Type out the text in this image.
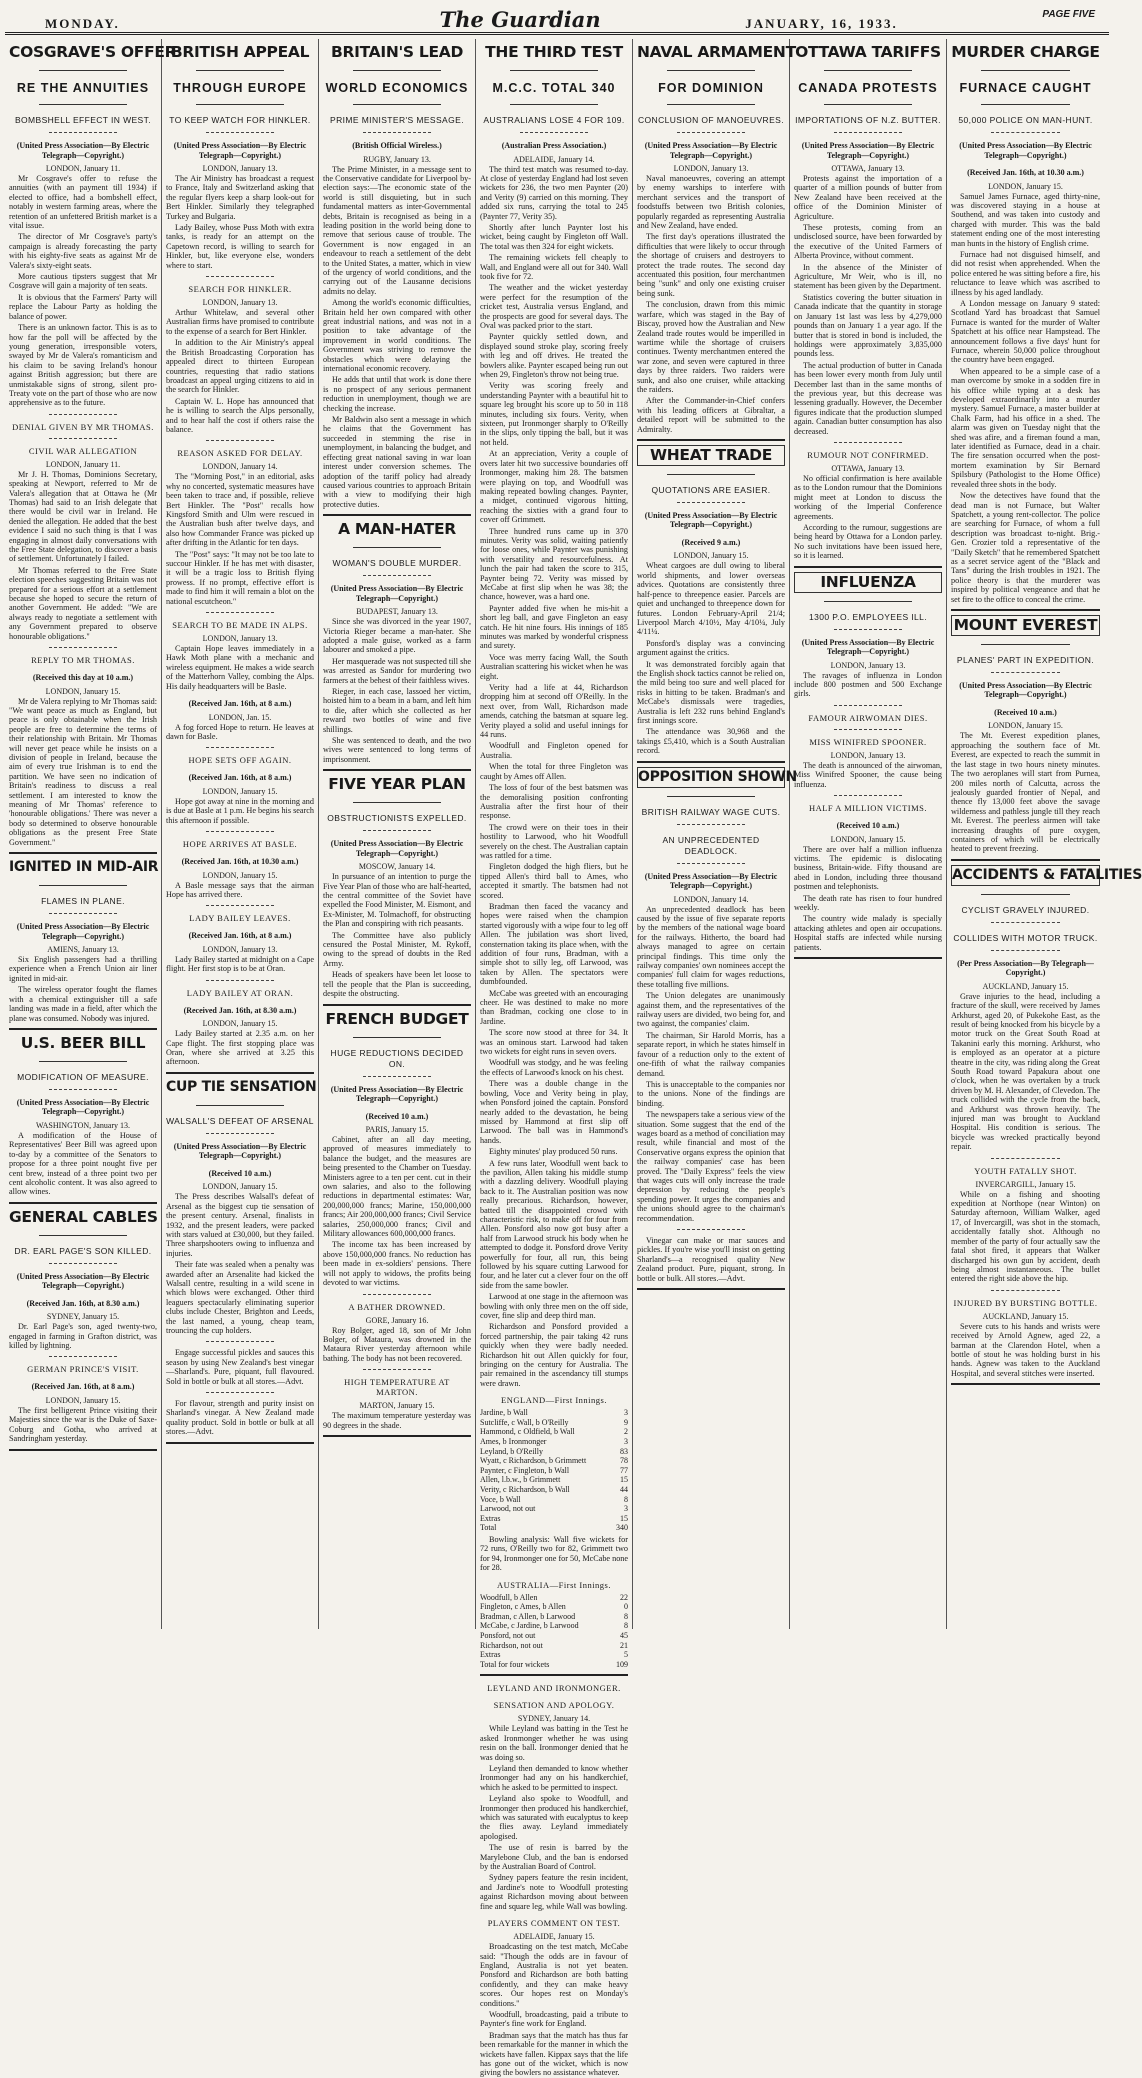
MONDAY.	The Guardian	JANUARY, 16, 1933.
PAGE FIVE
COSGRAVE'S OFFER
RE THE ANNUITIES
BOMBSHELL EFFECT IN WEST.
(United Press Association—By Electric Telegraph—Copyright.)
LONDON, January 11.

Mr Cosgrave's offer to refuse the annuities (with an payment till 1934) if elected to office, had a bombshell effect, notably in western farming areas, where the retention of an unfettered British market is a vital issue.

The director of Mr Cosgrave's party's campaign is already forecasting the party with his eighty-five seats as against Mr de Valera's sixty-eight seats.

More cautious tipsters suggest that Mr Cosgrave will gain a majority of ten seats.

It is obvious that the Farmers' Party will replace the Labour Party as holding the balance of power.

There is an unknown factor. This is as to how far the poll will be affected by the young generation, irresponsible voters, swayed by Mr de Valera's romanticism and his claim to be saving Ireland's honour against British aggression; but there are unmistakable signs of strong, silent pro-Treaty vote on the part of those who are now apprehensive as to the future.

DENIAL GIVEN BY MR THOMAS.
CIVIL WAR ALLEGATION
LONDON, January 11.

Mr J. H. Thomas, Dominions Secretary, speaking at Newport, referred to Mr de Valera's allegation that at Ottawa he (Mr Thomas) had said to an Irish delegate that there would be civil war in Ireland. He denied the allegation. He added that the best evidence I said no such thing is that I was engaging in almost daily conversations with the Free State delegation, to discover a basis of settlement. Unfortunately I failed.

Mr Thomas referred to the Free State election speeches suggesting Britain was not prepared for a serious effort at a settlement because she hoped to secure the return of another Government. He added: "We are always ready to negotiate a settlement with any Government prepared to observe honourable obligations."

REPLY TO MR THOMAS.
(Received this day at 10 a.m.)
LONDON, January 15.

Mr de Valera replying to Mr Thomas said: "We want peace as much as England, but peace is only obtainable when the Irish people are free to determine the terms of their relationship with Britain. Mr Thomas will never get peace while he insists on a division of people in Ireland, because the aim of every true Irishman is to end the partition. We have seen no indication of Britain's readiness to discuss a real settlement. I am interested to know the meaning of Mr Thomas' reference to 'honourable obligations.' There was never a body so determined to observe honourable obligations as the present Free State Government."

IGNITED IN MID-AIR
FLAMES IN PLANE.
(United Press Association—By Electric Telegraph—Copyright.)
AMIENS, January 13.

Six English passengers had a thrilling experience when a French Union air liner ignited in mid-air.

The wireless operator fought the flames with a chemical extinguisher till a safe landing was made in a field, after which the plane was consumed. Nobody was injured.

U.S. BEER BILL
MODIFICATION OF MEASURE.
(United Press Association—By Electric Telegraph—Copyright.)
WASHINGTON, January 13.

A modification of the House of Representatives' Beer Bill was agreed upon to-day by a committee of the Senators to propose for a three point nought five per cent brew, instead of a three point two per cent alcoholic content. It was also agreed to allow wines.

GENERAL CABLES
DR. EARL PAGE'S SON KILLED.
(United Press Association—By Electric Telegraph—Copyright.)
(Received Jan. 16th, at 8.30 a.m.)
SYDNEY, January 15.

Dr. Earl Page's son, aged twenty-two, engaged in farming in Grafton district, was killed by lightning.

GERMAN PRINCE'S VISIT.
(Received Jan. 16th, at 8 a.m.)
LONDON, January 15.

The first belligerent Prince visiting their Majesties since the war is the Duke of Saxe-Coburg and Gotha, who arrived at Sandringham yesterday.

BRITISH APPEAL
THROUGH EUROPE
TO KEEP WATCH FOR HINKLER.
(United Press Association—By Electric Telegraph—Copyright.)
LONDON, January 13.

The Air Ministry has broadcast a request to France, Italy and Switzerland asking that the regular flyers keep a sharp look-out for Bert Hinkler. Similarly they telegraphed Turkey and Bulgaria.

Lady Bailey, whose Puss Moth with extra tanks, is ready for an attempt on the Capetown record, is willing to search for Hinkler, but, like everyone else, wonders where to start.

SEARCH FOR HINKLER.
LONDON, January 13.

Arthur Whitelaw, and several other Australian firms have promised to contribute to the expense of a search for Bert Hinkler.

In addition to the Air Ministry's appeal the British Broadcasting Corporation has appealed direct to thirteen European countries, requesting that radio stations broadcast an appeal urging citizens to aid in the search for Hinkler.

Captain W. L. Hope has announced that he is willing to search the Alps personally, and to hear half the cost if others raise the balance.

REASON ASKED FOR DELAY.
LONDON, January 14.

The "Morning Post," in an editorial, asks why no concerted, systematic measures have been taken to trace and, if possible, relieve Bert Hinkler. The "Post" recalls how Kingsford Smith and Ulm were rescued in the Australian bush after twelve days, and also how Commander France was picked up after drifting in the Atlantic for ten days.

The "Post" says: "It may not be too late to succour Hinkler. If he has met with disaster, it will be a tragic loss to British flying prowess. If no prompt, effective effort is made to find him it will remain a blot on the national escutcheon."

SEARCH TO BE MADE IN ALPS.
LONDON, January 13.

Captain Hope leaves immediately in a Hawk Moth plane with a mechanic and wireless equipment. He makes a wide search of the Matterhorn Valley, combing the Alps. His daily headquarters will be Basle.

(Received Jan. 16th, at 8 a.m.)
LONDON, Jan. 15.

A fog forced Hope to return. He leaves at dawn for Basle.

HOPE SETS OFF AGAIN.
(Received Jan. 16th, at 8 a.m.)
LONDON, January 15.

Hope got away at nine in the morning and is due at Basle at 1 p.m. He begins his search this afternoon if possible.

HOPE ARRIVES AT BASLE.
(Received Jan. 16th, at 10.30 a.m.)
LONDON, January 15.

A Basle message says that the airman Hope has arrived there.

LADY BAILEY LEAVES.
(Received Jan. 16th, at 8 a.m.)
LONDON, January 13.

Lady Bailey started at midnight on a Cape flight. Her first stop is to be at Oran.

LADY BAILEY AT ORAN.
(Received Jan. 16th, at 8.30 a.m.)
LONDON, January 15.

Lady Bailey started at 2.35 a.m. on her Cape flight. The first stopping place was Oran, where she arrived at 3.25 this afternoon.

CUP TIE SENSATION
WALSALL'S DEFEAT OF ARSENAL
(United Press Association—By Electric Telegraph—Copyright.)
(Received 10 a.m.)
LONDON, January 15.

The Press describes Walsall's defeat of Arsenal as the biggest cup tie sensation of the present century. Arsenal, finalists in 1932, and the present leaders, were packed with stars valued at £30,000, but they failed. Three sharpshooters owing to influenza and injuries.

Their fate was sealed when a penalty was awarded after an Arsenalite had kicked the Walsall centre, resulting in a wild scene in which blows were exchanged. Other third leaguers spectacularly eliminating superior clubs include Chester, Brighton and Leeds, the last named, a young, cheap team, trouncing the cup holders.

Engage successful pickles and sauces this season by using New Zealand's best vinegar—Sharland's. Pure, piquant, full flavoured. Sold in bottle or bulk at all stores.—Advt.

For flavour, strength and purity insist on Sharland's vinegar. A New Zealand made quality product. Sold in bottle or bulk at all stores.—Advt.

BRITAIN'S LEAD
WORLD ECONOMICS
PRIME MINISTER'S MESSAGE.
(British Official Wireless.)
RUGBY, January 13.

The Prime Minister, in a message sent to the Conservative candidate for Liverpool by-election says:—The economic state of the world is still disquieting, but in such fundamental matters as inter-Governmental debts, Britain is recognised as being in a leading position in the world being done to remove that serious cause of trouble. The Government is now engaged in an endeavour to reach a settlement of the debt to the United States, a matter, which in view of the urgency of world conditions, and the carrying out of the Lausanne decisions admits no delay.

Among the world's economic difficulties, Britain held her own compared with other great industrial nations, and was not in a position to take advantage of the improvement in world conditions. The Government was striving to remove the obstacles which were delaying the international economic recovery.

He adds that until that work is done there is no prospect of any serious permanent reduction in unemployment, though we are checking the increase.

Mr Baldwin also sent a message in which he claims that the Government has succeeded in stemming the rise in unemployment, in balancing the budget, and effecting great national saving in war loan interest under conversion schemes. The adoption of the tariff policy had already caused various countries to approach Britain with a view to modifying their high protective duties.

A MAN-HATER
WOMAN'S DOUBLE MURDER.
(United Press Association—By Electric Telegraph—Copyright.)
BUDAPEST, January 13.

Since she was divorced in the year 1907, Victoria Rieger became a man-hater. She adopted a male guise, worked as a farm labourer and smoked a pipe.

Her masquerade was not suspected till she was arrested as Sandor for murdering two farmers at the behest of their faithless wives.

Rieger, in each case, lassoed her victim, hoisted him to a beam in a barn, and left him to die, after which she collected as her reward two bottles of wine and five shillings.

She was sentenced to death, and the two wives were sentenced to long terms of imprisonment.

FIVE YEAR PLAN
OBSTRUCTIONISTS EXPELLED.
(United Press Association—By Electric Telegraph—Copyright.)
MOSCOW, January 14.

In pursuance of an intention to purge the Five Year Plan of those who are half-hearted, the central committee of the Soviet have expelled the Food Minister, M. Eismont, and Ex-Minister, M. Tolmachoff, for obstructing the Plan and conspiring with rich peasants.

The Committee have also publicly censured the Postal Minister, M. Rykoff, owing to the spread of doubts in the Red Army.

Heads of speakers have been let loose to tell the people that the Plan is succeeding, despite the obstructing.

FRENCH BUDGET
HUGE REDUCTIONS DECIDED ON.
(United Press Association—By Electric Telegraph—Copyright.)
(Received 10 a.m.)
PARIS, January 15.

Cabinet, after an all day meeting, approved of measures immediately to balance the budget, and the measures are being presented to the Chamber on Tuesday. Ministers agree to a ten per cent. cut in their own salaries, and also to the following reductions in departmental estimates: War, 200,000,000 francs; Marine, 150,000,000 francs; Air 200,000,000 francs; Civil Service salaries, 250,000,000 francs; Civil and Military allowances 600,000,000 francs.

The income tax has been increased by above 150,000,000 francs. No reduction has been made in ex-soldiers' pensions. There will not apply to widows, the profits being devoted to war victims.

A BATHER DROWNED.
GORE, January 16.

Roy Bolger, aged 18, son of Mr John Bolger, of Mataura, was drowned in the Mataura River yesterday afternoon while bathing. The body has not been recovered.

HIGH TEMPERATURE AT MARTON.
MARTON, January 15.

The maximum temperature yesterday was 90 degrees in the shade.

THE THIRD TEST
M.C.C. TOTAL 340
AUSTRALIANS LOSE 4 FOR 109.
(Australian Press Association.)
ADELAIDE, January 14.

The third test match was resumed to-day. At close of yesterday England had lost seven wickets for 236, the two men Paynter (20) and Verity (9) carried on this morning. They added six runs, carrying the total to 245 (Paynter 77, Verity 35).

Shortly after lunch Paynter lost his wicket, being caught by Fingleton off Wall. The total was then 324 for eight wickets.

The remaining wickets fell cheaply to Wall, and England were all out for 340. Wall took five for 72.

The weather and the wicket yesterday were perfect for the resumption of the cricket test, Australia versus England, and the prospects are good for several days. The Oval was packed prior to the start.

Paynter quickly settled down, and displayed sound stroke play, scoring freely with leg and off drives. He treated the bowlers alike. Paynter escaped being run out when 29, Fingleton's throw not being true.

Verity was scoring freely and understanding Paynter with a beautiful hit to square leg brought his score up to 50 in 118 minutes, including six fours. Verity, when sixteen, put Ironmonger sharply to O'Reilly in the slips, only tipping the ball, but it was not held.

At an appreciation, Verity a couple of overs later hit two successive boundaries off Ironmonger, making him 28. The batsmen were playing on top, and Woodfull was making repeated bowling changes. Paynter, a midget, continued vigorous hitting, reaching the sixties with a grand four to cover off Grimmett.

Three hundred runs came up in 370 minutes. Verity was solid, waiting patiently for loose ones, while Paynter was punishing with versatility and resourcefulness. At lunch the pair had taken the score to 315, Paynter being 72. Verity was missed by McCabe at first slip when he was 38; the chance, however, was a hard one.

Paynter added five when he mis-hit a short leg ball, and gave Fingleton an easy catch. He hit nine fours. His innings of 185 minutes was marked by wonderful crispness and surety.

Voce was merry facing Wall, the South Australian scattering his wicket when he was eight.

Verity had a life at 44, Richardson dropping him at second off O'Reilly. In the next over, from Wall, Richardson made amends, catching the batsman at square leg. Verity played a solid and useful innings for 44 runs.

Woodfull and Fingleton opened for Australia.

When the total for three Fingleton was caught by Ames off Allen.

The loss of four of the best batsmen was the demoralising position confronting Australia after the first hour of their response.

The crowd were on their toes in their hostility to Larwood, who hit Woodfull severely on the chest. The Australian captain was rattled for a time.

Fingleton dodged the high fliers, but he tipped Allen's third ball to Ames, who accepted it smartly. The batsmen had not scored.

Bradman then faced the vacancy and hopes were raised when the champion started vigorously with a wipe four to leg off Allen. The jubilation was short lived, consternation taking its place when, with the addition of four runs, Bradman, with a simple shot to silly leg, off Larwood, was taken by Allen. The spectators were dumbfounded.

McCabe was greeted with an encouraging cheer. He was destined to make no more than Bradman, cocking one close to in Jardine.

The score now stood at three for 34. It was an ominous start. Larwood had taken two wickets for eight runs in seven overs.

Woodfull was stodgy, and he was feeling the effects of Larwood's knock on his chest.

There was a double change in the bowling, Voce and Verity being in play, when Ponsford joined the captain. Ponsford nearly added to the devastation, he being missed by Hammond at first slip off Larwood. The ball was in Hammond's hands.

Eighty minutes' play produced 50 runs.

A few runs later, Woodfull went back to the pavilion, Allen taking his middle stump with a dazzling delivery. Woodfull playing back to it. The Australian position was now really precarious. Richardson, however, batted till the disappointed crowd with characteristic risk, to make off for four from Allen. Ponsford also now got busy after a half from Larwood struck his body when he attempted to dodge it. Ponsford drove Verity powerfully for four, all run, this being followed by his square cutting Larwood for four, and he later cut a clever four on the off side from the same bowler.

Larwood at one stage in the afternoon was bowling with only three men on the off side, cover, fine slip and deep third man.

Richardson and Ponsford provided a forced partnership, the pair taking 42 runs quickly when they were badly needed. Richardson hit out Allen quickly for four, bringing on the century for Australia. The pair remained in the ascendancy till stumps were drawn.

ENGLAND—First Innings.
Jardine, b Wall	3
Sutcliffe, c Wall, b O'Reilly	9
Hammond, c Oldfield, b Wall	2
Ames, b Ironmonger	3
Leyland, b O'Reilly	83
Wyatt, c Richardson, b Grimmett	78
Paynter, c Fingleton, b Wall	77
Allen, l.b.w., b Grimmett	15
Verity, c Richardson, b Wall	44
Voce, b Wall	8
Larwood, not out	3
Extras	15
Total	340

Bowling analysis: Wall five wickets for 72 runs, O'Reilly two for 82, Grimmett two for 94, Ironmonger one for 50, McCabe none for 28.

AUSTRALIA—First Innings.
Woodfull, b Allen	22
Fingleton, c Ames, b Allen	0
Bradman, c Allen, b Larwood	8
McCabe, c Jardine, b Larwood	8
Ponsford, not out	45
Richardson, not out	21
Extras	5
Total for four wickets	109
LEYLAND AND IRONMONGER.
SENSATION AND APOLOGY.
SYDNEY, January 14.

While Leyland was batting in the Test he asked Ironmonger whether he was using resin on the ball. Ironmonger denied that he was doing so.

Leyland then demanded to know whether Ironmonger had any on his handkerchief, which he asked to be permitted to inspect.

Leyland also spoke to Woodfull, and Ironmonger then produced his handkerchief, which was saturated with eucalyptus to keep the flies away. Leyland immediately apologised.

The use of resin is barred by the Marylebone Club, and the ban is endorsed by the Australian Board of Control.

Sydney papers feature the resin incident, and Jardine's note to Woodfull protesting against Richardson moving about between fine and square leg, while Wall was bowling.

PLAYERS COMMENT ON TEST.
ADELAIDE, January 15.

Broadcasting on the test match, McCabe said: "Though the odds are in favour of England, Australia is not yet beaten. Ponsford and Richardson are both batting confidently, and they can make heavy scores. Our hopes rest on Monday's conditions."

Woodfull, broadcasting, paid a tribute to Paynter's fine work for England.

Bradman says that the match has thus far been remarkable for the manner in which the wickets have fallen. Kippax says that the life has gone out of the wicket, which is now giving the bowlers no assistance whatever.

NAVAL ARMAMENT
FOR DOMINION
CONCLUSION OF MANOEUVRES.
(United Press Association—By Electric Telegraph—Copyright.)
LONDON, January 13.

Naval manoeuvres, covering an attempt by enemy warships to interfere with merchant services and the transport of foodstuffs between two British colonies, popularly regarded as representing Australia and New Zealand, have ended.

The first day's operations illustrated the difficulties that were likely to occur through the shortage of cruisers and destroyers to protect the trade routes. The second day accentuated this position, four merchantmen being "sunk" and only one existing cruiser being sunk.

The conclusion, drawn from this mimic warfare, which was staged in the Bay of Biscay, proved how the Australian and New Zealand trade routes would be imperilled in wartime while the shortage of cruisers continues. Twenty merchantmen entered the war zone, and seven were captured in three days by three raiders. Two raiders were sunk, and also one cruiser, while attacking the raiders.

After the Commander-in-Chief confers with his leading officers at Gibraltar, a detailed report will be submitted to the Admiralty.

WHEAT TRADE
QUOTATIONS ARE EASIER.
(United Press Association—By Electric Telegraph—Copyright.)
(Received 9 a.m.)
LONDON, January 15.

Wheat cargoes are dull owing to liberal world shipments, and lower overseas advices. Quotations are consistently three half-pence to threepence easier. Parcels are quiet and unchanged to threepence down for futures. London February-April 21/4; Liverpool March 4/10½, May 4/10¼, July 4/11¼.

Ponsford's display was a convincing argument against the critics.

It was demonstrated forcibly again that the English shock tactics cannot be relied on, the mild being too sure and well placed for risks in hitting to be taken. Bradman's and McCabe's dismissals were tragedies, Australia is left 232 runs behind England's first innings score.

The attendance was 30,968 and the takings £5,410, which is a South Australian record.

OPPOSITION SHOWN
BRITISH RAILWAY WAGE CUTS.
AN UNPRECEDENTED DEADLOCK.
(United Press Association—By Electric Telegraph—Copyright.)
LONDON, January 14.

An unprecedented deadlock has been caused by the issue of five separate reports by the members of the national wage board for the railways. Hitherto, the board had always managed to agree on certain principal findings. This time only the railway companies' own nominees accept the companies' full claim for wages reductions, these totalling five millions.

The Union delegates are unanimously against them, and the representatives of the railway users are divided, two being for, and two against, the companies' claim.

The chairman, Sir Harold Morris, has a separate report, in which he states himself in favour of a reduction only to the extent of one-fifth of what the railway companies demand.

This is unacceptable to the companies nor to the unions. None of the findings are binding.

The newspapers take a serious view of the situation. Some suggest that the end of the wages board as a method of conciliation may result, while financial and most of the Conservative organs express the opinion that the railway companies' case has been proved. The "Daily Express" feels the view that wages cuts will only increase the trade depression by reducing the people's spending power. It urges the companies and the unions should agree to the chairman's recommendation.

Vinegar can make or mar sauces and pickles. If you're wise you'll insist on getting Sharland's—a recognised quality New Zealand product. Pure, piquant, strong. In bottle or bulk. All stores.—Advt.

OTTAWA TARIFFS
CANADA PROTESTS
IMPORTATIONS OF N.Z. BUTTER.
(United Press Association—By Electric Telegraph—Copyright.)
OTTAWA, January 13.

Protests against the importation of a quarter of a million pounds of butter from New Zealand have been received at the office of the Dominion Minister of Agriculture.

These protests, coming from an undisclosed source, have been forwarded by the executive of the United Farmers of Alberta Province, without comment.

In the absence of the Minister of Agriculture, Mr Weir, who is ill, no statement has been given by the Department.

Statistics covering the butter situation in Canada indicate that the quantity in storage on January 1st last was less by 4,279,000 pounds than on January 1 a year ago. If the butter that is stored in bond is included, the holdings were approximately 3,835,000 pounds less.

The actual production of butter in Canada has been lower every month from July until December last than in the same months of the previous year, but this decrease was lessening gradually. However, the December figures indicate that the production slumped again. Canadian butter consumption has also decreased.

RUMOUR NOT CONFIRMED.
OTTAWA, January 13.

No official confirmation is here available as to the London rumour that the Dominions might meet at London to discuss the working of the Imperial Conference agreements.

According to the rumour, suggestions are being heard by Ottawa for a London parley. No such invitations have been issued here, so it is learned.

INFLUENZA
1300 P.O. EMPLOYEES ILL.
(United Press Association—By Electric Telegraph—Copyright.)
LONDON, January 13.

The ravages of influenza in London include 800 postmen and 500 Exchange girls.

FAMOUR AIRWOMAN DIES.
MISS WINIFRED SPOONER.
LONDON, January 13.

The death is announced of the airwoman, Miss Winifred Spooner, the cause being influenza.

HALF A MILLION VICTIMS.
(Received 10 a.m.)
LONDON, January 15.

There are over half a million influenza victims. The epidemic is dislocating business, Britain-wide. Fifty thousand are abed in London, including three thousand postmen and telephonists.

The death rate has risen to four hundred weekly.

The country wide malady is specially attacking athletes and open air occupations. Hospital staffs are infected while nursing patients.

MURDER CHARGE
FURNACE CAUGHT
50,000 POLICE ON MAN-HUNT.
(United Press Association—By Electric Telegraph—Copyright.)
(Received Jan. 16th, at 10.30 a.m.)
LONDON, January 15.

Samuel James Furnace, aged thirty-nine, was discovered staying in a house at Southend, and was taken into custody and charged with murder. This was the bald statement ending one of the most interesting man hunts in the history of English crime.

Furnace had not disguised himself, and did not resist when apprehended. When the police entered he was sitting before a fire, his reluctance to leave which was ascribed to illness by his aged landlady.

A London message on January 9 stated: Scotland Yard has broadcast that Samuel Furnace is wanted for the murder of Walter Spatchett at his office near Hampstead. The announcement follows a five days' hunt for Furnace, wherein 50,000 police throughout the country have been engaged.

When appeared to be a simple case of a man overcome by smoke in a sodden fire in his office while typing at a desk has developed extraordinarily into a murder mystery. Samuel Furnace, a master builder at Chalk Farm, had his office in a shed. The alarm was given on Tuesday night that the shed was afire, and a fireman found a man, later identified as Furnace, dead in a chair. The fire sensation occurred when the post-mortem examination by Sir Bernard Spilsbury (Pathologist to the Home Office) revealed three shots in the body.

Now the detectives have found that the dead man is not Furnace, but Walter Spatchett, a young rent-collector. The police are searching for Furnace, of whom a full description was broadcast to-night. Brig.-Gen. Crozier told a representative of the "Daily Sketch" that he remembered Spatchett as a secret service agent of the "Black and Tans" during the Irish troubles in 1921. The police theory is that the murderer was inspired by political vengeance and that he set fire to the office to conceal the crime.

MOUNT EVEREST
PLANES' PART IN EXPEDITION.
(United Press Association—By Electric Telegraph—Copyright.)
(Received 10 a.m.)
LONDON, January 15.

The Mt. Everest expedition planes, approaching the southern face of Mt. Everest, are expected to reach the summit in the last stage in two hours ninety minutes. The two aeroplanes will start from Purnea, 200 miles north of Calcutta, across the jealously guarded frontier of Nepal, and thence fly 13,000 feet above the savage wilderness and pathless jungle till they reach Mt. Everest. The peerless airmen will take increasing draughts of pure oxygen, containers of which will be electrically heated to prevent freezing.

ACCIDENTS & FATALITIES
CYCLIST GRAVELY INJURED.
COLLIDES WITH MOTOR TRUCK.
(Per Press Association—By Telegraph—Copyright.)
AUCKLAND, January 15.

Grave injuries to the head, including a fracture of the skull, were received by James Arkhurst, aged 20, of Pukekohe East, as the result of being knocked from his bicycle by a motor truck on the Great South Road at Takanini early this morning. Arkhurst, who is employed as an operator at a picture theatre in the city, was riding along the Great South Road toward Papakura about one o'clock, when he was overtaken by a truck driven by M. H. Alexander, of Clevedon. The truck collided with the cycle from the back, and Arkhurst was thrown heavily. The injured man was brought to Auckland Hospital. His condition is serious. The bicycle was wrecked practically beyond repair.

YOUTH FATALLY SHOT.
INVERCARGILL, January 15.

While on a fishing and shooting expedition at Northope (near Winton) on Saturday afternoon, William Walker, aged 17, of Invercargill, was shot in the stomach, accidentally fatally shot. Although no member of the party of four actually saw the fatal shot fired, it appears that Walker discharged his own gun by accident, death being almost instantaneous. The bullet entered the right side above the hip.

INJURED BY BURSTING BOTTLE.
AUCKLAND, January 15.

Severe cuts to his hands and wrists were received by Arnold Agnew, aged 22, a barman at the Clarendon Hotel, when a bottle of stout he was holding burst in his hands. Agnew was taken to the Auckland Hospital, and several stitches were inserted.
